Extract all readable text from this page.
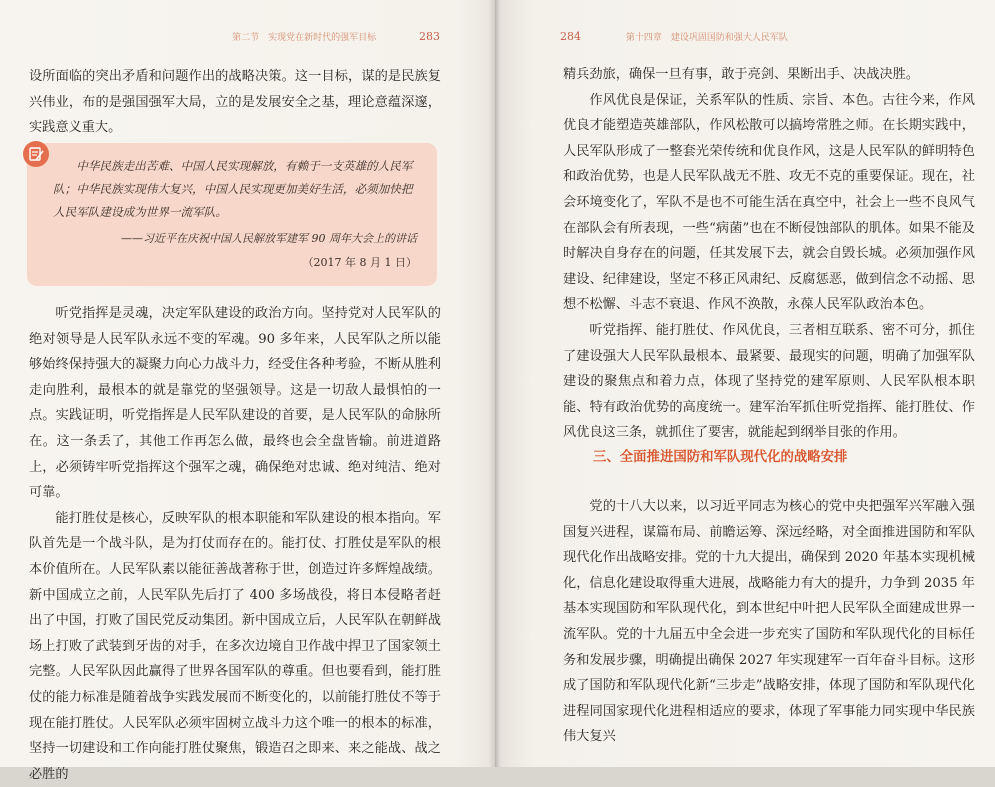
第二节　实现党在新时代的强军目标	283

设所面临的突出矛盾和问题作出的战略决策。这一目标，谋的是民族复兴伟业，布的是强国强军大局，立的是发展安全之基，理论意蕴深邃，实践意义重大。

中华民族走出苦难、中国人民实现解放，有赖于一支英雄的人民军队；中华民族实现伟大复兴，中国人民实现更加美好生活，必须加快把人民军队建设成为世界一流军队。

——习近平在庆祝中国人民解放军建军 90 周年大会上的讲话
（2017 年 8 月 1 日）

听党指挥是灵魂，决定军队建设的政治方向。坚持党对人民军队的绝对领导是人民军队永远不变的军魂。90 多年来，人民军队之所以能够始终保持强大的凝聚力向心力战斗力，经受住各种考验，不断从胜利走向胜利，最根本的就是靠党的坚强领导。这是一切敌人最惧怕的一点。实践证明，听党指挥是人民军队建设的首要，是人民军队的命脉所在。这一条丢了，其他工作再怎么做，最终也会全盘皆输。前进道路上，必须铸牢听党指挥这个强军之魂，确保绝对忠诚、绝对纯洁、绝对可靠。

能打胜仗是核心，反映军队的根本职能和军队建设的根本指向。军队首先是一个战斗队，是为打仗而存在的。能打仗、打胜仗是军队的根本价值所在。人民军队素以能征善战著称于世，创造过许多辉煌战绩。新中国成立之前，人民军队先后打了 400 多场战役，将日本侵略者赶出了中国，打败了国民党反动集团。新中国成立后，人民军队在朝鲜战场上打败了武装到牙齿的对手，在多次边境自卫作战中捍卫了国家领土完整。人民军队因此赢得了世界各国军队的尊重。但也要看到，能打胜仗的能力标准是随着战争实践发展而不断变化的，以前能打胜仗不等于现在能打胜仗。人民军队必须牢固树立战斗力这个唯一的根本的标准，坚持一切建设和工作向能打胜仗聚焦，锻造召之即来、来之能战、战之必胜的

284	第十四章　建设巩固国防和强大人民军队

精兵劲旅，确保一旦有事，敢于亮剑、果断出手、决战决胜。

作风优良是保证，关系军队的性质、宗旨、本色。古往今来，作风优良才能塑造英雄部队，作风松散可以搞垮常胜之师。在长期实践中，人民军队形成了一整套光荣传统和优良作风，这是人民军队的鲜明特色和政治优势，也是人民军队战无不胜、攻无不克的重要保证。现在，社会环境变化了，军队不是也不可能生活在真空中，社会上一些不良风气在部队会有所表现，一些“病菌”也在不断侵蚀部队的肌体。如果不能及时解决自身存在的问题，任其发展下去，就会自毁长城。必须加强作风建设、纪律建设，坚定不移正风肃纪、反腐惩恶，做到信念不动摇、思想不松懈、斗志不衰退、作风不涣散，永葆人民军队政治本色。

听党指挥、能打胜仗、作风优良，三者相互联系、密不可分，抓住了建设强大人民军队最根本、最紧要、最现实的问题，明确了加强军队建设的聚焦点和着力点，体现了坚持党的建军原则、人民军队根本职能、特有政治优势的高度统一。建军治军抓住听党指挥、能打胜仗、作风优良这三条，就抓住了要害，就能起到纲举目张的作用。

三、全面推进国防和军队现代化的战略安排

党的十八大以来，以习近平同志为核心的党中央把强军兴军融入强国复兴进程，谋篇布局、前瞻运筹、深远经略，对全面推进国防和军队现代化作出战略安排。党的十九大提出，确保到 2020 年基本实现机械化，信息化建设取得重大进展，战略能力有大的提升，力争到 2035 年基本实现国防和军队现代化，到本世纪中叶把人民军队全面建成世界一流军队。党的十九届五中全会进一步充实了国防和军队现代化的目标任务和发展步骤，明确提出确保 2027 年实现建军一百年奋斗目标。这形成了国防和军队现代化新“三步走”战略安排，体现了国防和军队现代化进程同国家现代化进程相适应的要求，体现了军事能力同实现中华民族伟大复兴
